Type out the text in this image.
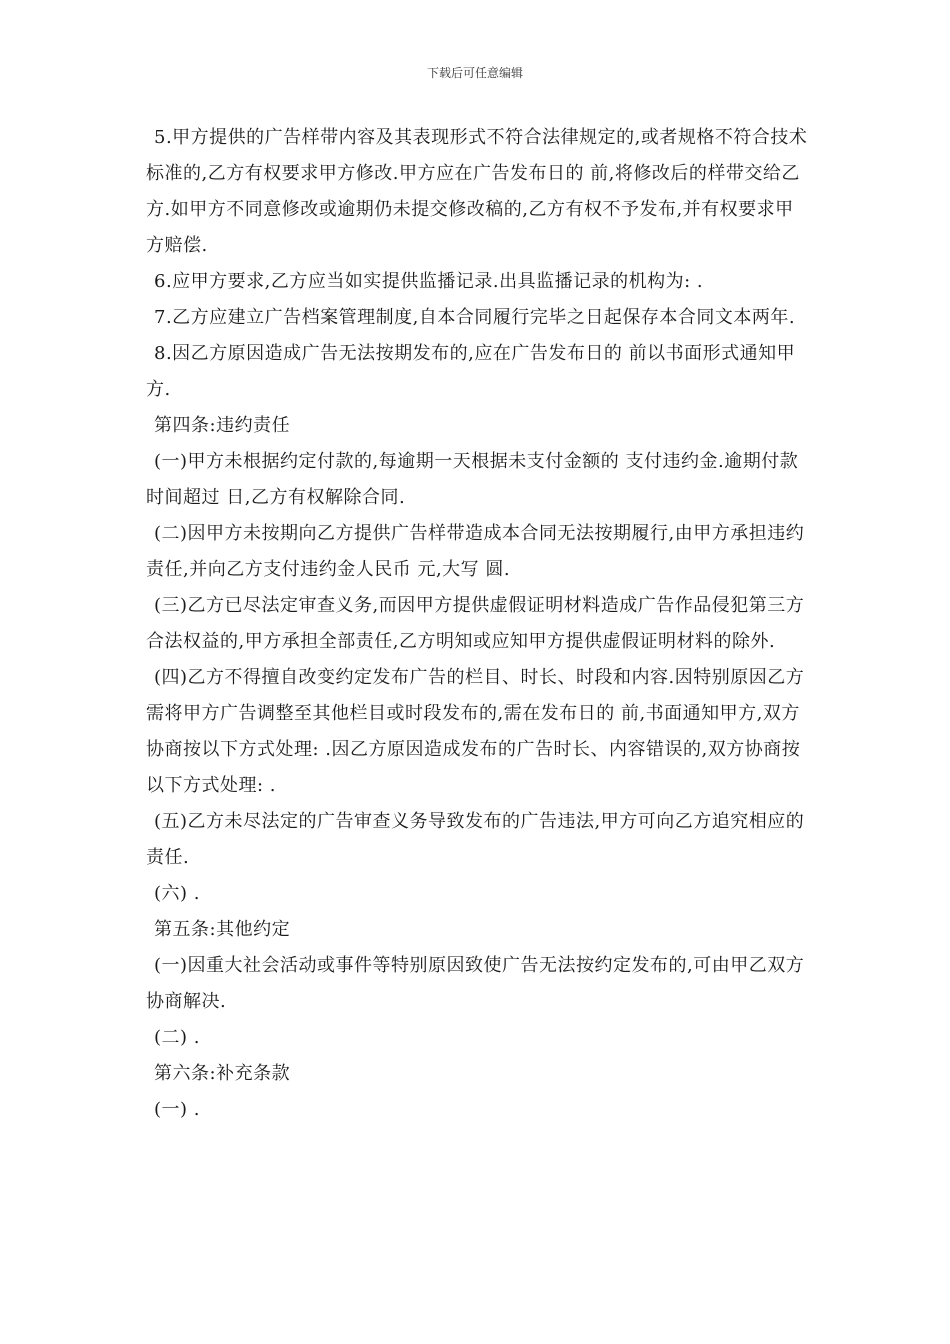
下载后可任意编辑

5.甲方提供的广告样带内容及其表现形式不符合法律规定的,或者规格不符合技术标准的,乙方有权要求甲方修改.甲方应在广告发布日的 前,将修改后的样带交给乙方.如甲方不同意修改或逾期仍未提交修改稿的,乙方有权不予发布,并有权要求甲方赔偿.

6.应甲方要求,乙方应当如实提供监播记录.出具监播记录的机构为: .

7.乙方应建立广告档案管理制度,自本合同履行完毕之日起保存本合同文本两年.

8.因乙方原因造成广告无法按期发布的,应在广告发布日的 前以书面形式通知甲方.

第四条:违约责任

(一)甲方未根据约定付款的,每逾期一天根据未支付金额的 支付违约金.逾期付款时间超过 日,乙方有权解除合同.

(二)因甲方未按期向乙方提供广告样带造成本合同无法按期履行,由甲方承担违约责任,并向乙方支付违约金人民币 元,大写 圆.

(三)乙方已尽法定审查义务,而因甲方提供虚假证明材料造成广告作品侵犯第三方合法权益的,甲方承担全部责任,乙方明知或应知甲方提供虚假证明材料的除外.

(四)乙方不得擅自改变约定发布广告的栏目、时长、时段和内容.因特别原因乙方需将甲方广告调整至其他栏目或时段发布的,需在发布日的 前,书面通知甲方,双方协商按以下方式处理: .因乙方原因造成发布的广告时长、内容错误的,双方协商按以下方式处理: .

(五)乙方未尽法定的广告审查义务导致发布的广告违法,甲方可向乙方追究相应的责任.

(六) .

第五条:其他约定

(一)因重大社会活动或事件等特别原因致使广告无法按约定发布的,可由甲乙双方协商解决.

(二) .

第六条:补充条款

(一) .
